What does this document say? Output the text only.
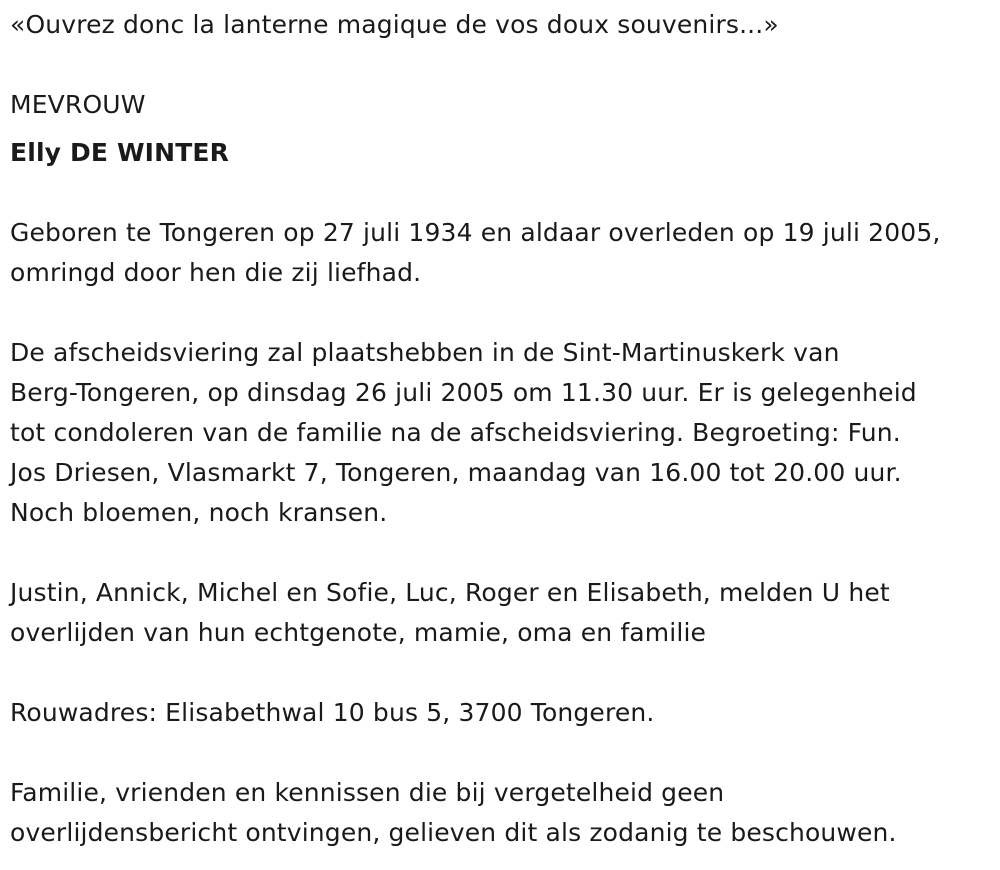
«Ouvrez donc la lanterne magique de vos doux souvenirs...»
MEVROUW
Elly DE WINTER
Geboren te Tongeren op 27 juli 1934 en aldaar overleden op 19 juli 2005,
omringd door hen die zij liefhad.
De afscheidsviering zal plaatshebben in de Sint-Martinuskerk van
Berg-Tongeren, op dinsdag 26 juli 2005 om 11.30 uur. Er is gelegenheid
tot condoleren van de familie na de afscheidsviering. Begroeting: Fun.
Jos Driesen, Vlasmarkt 7, Tongeren, maandag van 16.00 tot 20.00 uur.
Noch bloemen, noch kransen.
Justin, Annick, Michel en Sofie, Luc, Roger en Elisabeth, melden U het
overlijden van hun echtgenote, mamie, oma en familie
Rouwadres: Elisabethwal 10 bus 5, 3700 Tongeren.
Familie, vrienden en kennissen die bij vergetelheid geen
overlijdensbericht ontvingen, gelieven dit als zodanig te beschouwen.
